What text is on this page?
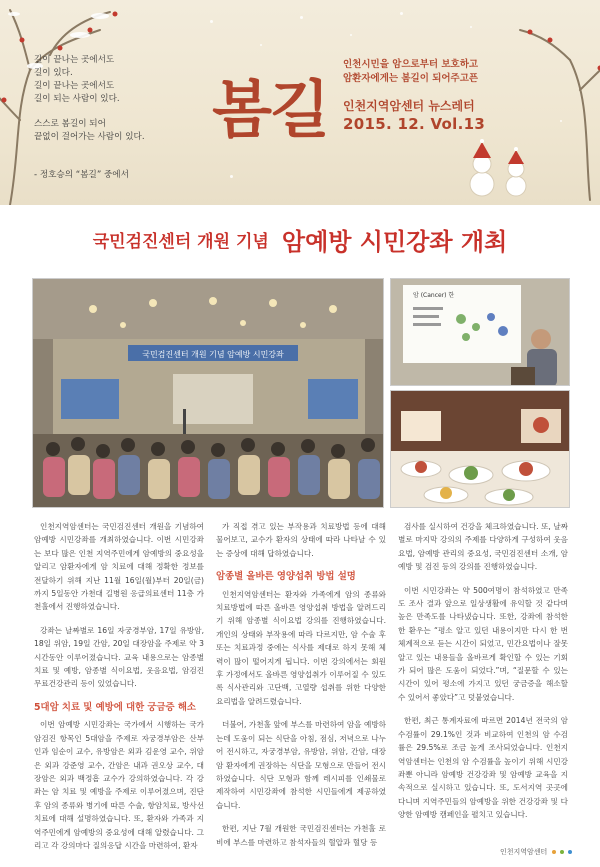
길이 끝나는 곳에서도
길이 있다.
길이 끝나는 곳에서도
길이 되는 사람이 있다.
스스로 봄길이 되어
끝없이 걸어가는 사람이 있다.
- 정호승의 “봄길” 중에서
봄길
인천시민을 암으로부터 보호하고
암환자에게는 봄길이 되어주고픈
인천지역암센터 뉴스레터
2015. 12. Vol.13
국민검진센터 개원 기념 암예방 시민강좌 개최
국민검진센터 개원 기념 암예방 시민강좌
암 (Cancer) 한

인천지역암센터는 국민검진센터 개원을 기념하여 암예방 시민강좌를 개최하였습니다. 이번 시민강좌는 보다 많은 인천 지역주민에게 암예방의 중요성을 알리고 암환자에게 암 치료에 대해 정확한 정보를 전달하기 위해 지난 11월 16일(월)부터 20일(금)까지 5일동안 가천대 길병원 응급의료센터 11층 가천홀에서 진행하였습니다.

강좌는 날짜별로 16일 자궁경부암, 17일 유방암, 18일 위암, 19일 간암, 20일 대장암을 주제로 약 3시간동안 이루어졌습니다. 교육 내용으로는 암종별 치료 및 예방, 암종별 식이요법, 웃음요법, 암검진 무료건강관리 등이 있었습니다.

5대암 치료 및 예방에 대한 궁금증 해소

이번 암예방 시민강좌는 국가에서 시행하는 국가암검진 항목인 5대암을 주제로 자궁경부암은 산부인과 임순이 교수, 유방암은 외과 김운영 교수, 위암은 외과 강준영 교수, 간암은 내과 권오상 교수, 대장암은 외과 백정흠 교수가 강의하였습니다. 각 강좌는 암 치료 및 예방을 주제로 이루어졌으며, 진단후 암의 종류와 병기에 따른 수술, 항암치료, 방사선치료에 대해 설명하였습니다. 또, 환자와 가족과 지역주민에게 암예방의 중요성에 대해 알렸습니다. 그리고 각 강의마다 질의응답 시간을 마련하여, 환자

가 직접 겪고 있는 부작용과 치료방법 등에 대해 물어보고, 교수가 환자의 상태에 따라 나타날 수 있는 증상에 대해 답하였습니다.

암종별 올바른 영양섭취 방법 설명

인천지역암센터는 환자와 가족에게 암의 종류와 치료방법에 따른 올바른 영양섭취 방법을 알려드리기 위해 암종별 식이요법 강의를 진행하였습니다. 개인의 상태와 부작용에 따라 다르지만, 암 수술 후 또는 치료과정 중에는 식사를 제대로 하지 못해 체력이 많이 떨어지게 됩니다. 이번 강의에서는 회원 후 가정에서도 올바른 영양섭취가 이루어질 수 있도록 식사관리와 고단백, 고열량 섭취를 위한 다양한 요리법을 알려드렸습니다.

더불어, 가천홀 앞에 부스를 마련하여 암을 예방하는데 도움이 되는 식단을 아침, 점심, 저녁으로 나누어 전시하고, 자궁경부암, 유방암, 위암, 간암, 대장암 환자에게 권장하는 식단을 모형으로 만들어 전시하였습니다. 식단 모형과 함께 레시피를 인쇄물로 제작하여 시민강좌에 참석한 시민들에게 제공하였습니다.

한편, 지난 7월 개원한 국민검진센터는 가천홀 로비에 부스를 마련하고 참석자들의 혈압과 혈당 등

검사를 실시하여 건강을 체크하였습니다. 또, 날짜별로 마지막 강의의 주제를 다양하게 구성하여 웃음요법, 암예방 관리의 중요성, 국민검진센터 소개, 암예방 및 검진 등의 강의를 진행하였습니다.

이번 시민강좌는 약 500여명이 참석하였고 만족도 조사 결과 앞으로 일상생활에 유익할 것 같다며 높은 만족도를 나타냈습니다. 또한, 강좌에 참석한 한 환우는 “평소 알고 있던 내용이지만 다시 한 번 체계적으로 듣는 시간이 되었고, 민간요법이나 잘못 알고 있는 내용들을 올바르게 확인할 수 있는 기회가 되어 많은 도움이 되었다.”며, “질문할 수 있는 시간이 있어 평소에 가지고 있던 궁금증을 해소할 수 있어서 좋았다”고 덧붙였습니다.

한편, 최근 통계자료에 따르면 2014년 전국의 암 수검률이 29.1%인 것과 비교하여 인천의 암 수검률은 29.5%로 조금 높게 조사되었습니다. 인천지역암센터는 인천의 암 수검률을 높이기 위해 시민강좌뿐 아니라 암예방 건강강좌 및 암예방 교육을 지속적으로 실시하고 있습니다. 또, 도서지역 곳곳에 다니며 지역주민들의 암예방을 위한 건강강좌 및 다양한 암예방 캠페인을 펼치고 있습니다.

인천지역암센터
